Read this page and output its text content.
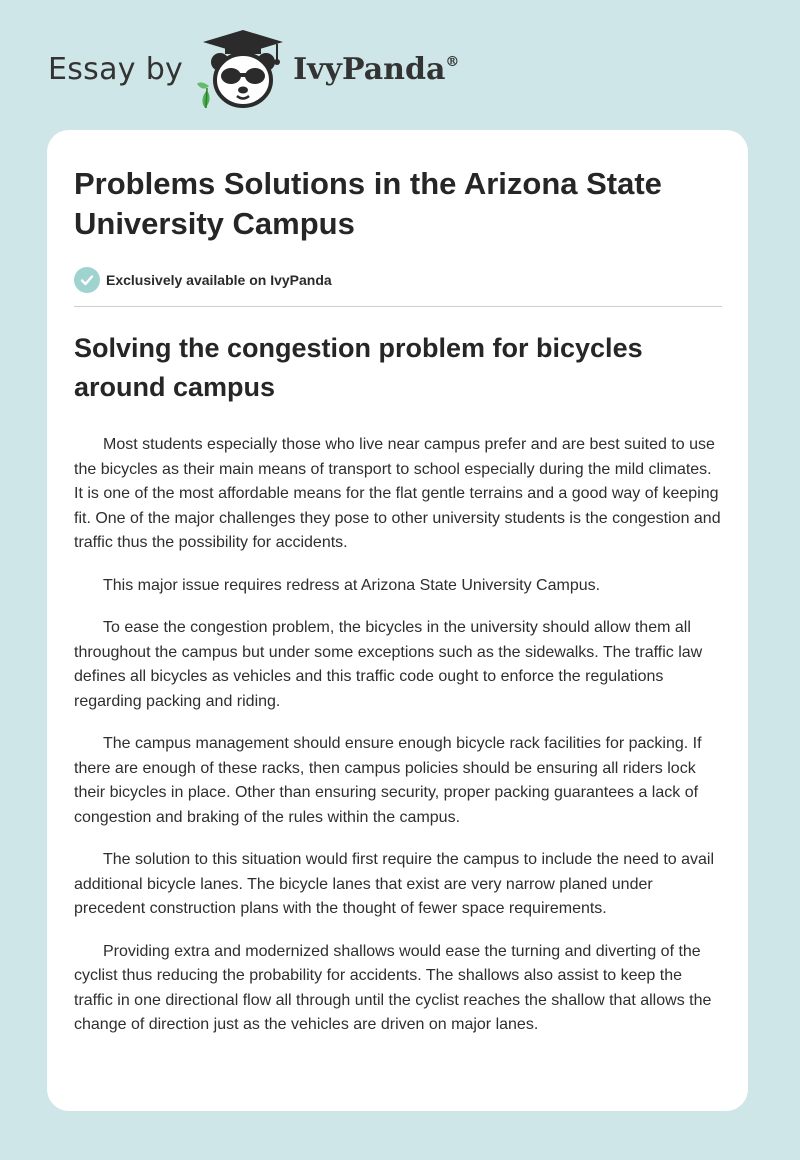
Essay by	IvyPanda®
Problems Solutions in the Arizona State University Campus
Exclusively available on IvyPanda
Solving the congestion problem for bicycles around campus

Most students especially those who live near campus prefer and are best suited to use the bicycles as their main means of transport to school especially during the mild climates. It is one of the most affordable means for the flat gentle terrains and a good way of keeping fit. One of the major challenges they pose to other university students is the congestion and traffic thus the possibility for accidents.

This major issue requires redress at Arizona State University Campus.

To ease the congestion problem, the bicycles in the university should allow them all throughout the campus but under some exceptions such as the sidewalks. The traffic law defines all bicycles as vehicles and this traffic code ought to enforce the regulations regarding packing and riding.

The campus management should ensure enough bicycle rack facilities for packing. If there are enough of these racks, then campus policies should be ensuring all riders lock their bicycles in place. Other than ensuring security, proper packing guarantees a lack of congestion and braking of the rules within the campus.

The solution to this situation would first require the campus to include the need to avail additional bicycle lanes. The bicycle lanes that exist are very narrow planed under precedent construction plans with the thought of fewer space requirements.

Providing extra and modernized shallows would ease the turning and diverting of the cyclist thus reducing the probability for accidents. The shallows also assist to keep the traffic in one directional flow all through until the cyclist reaches the shallow that allows the change of direction just as the vehicles are driven on major lanes.
